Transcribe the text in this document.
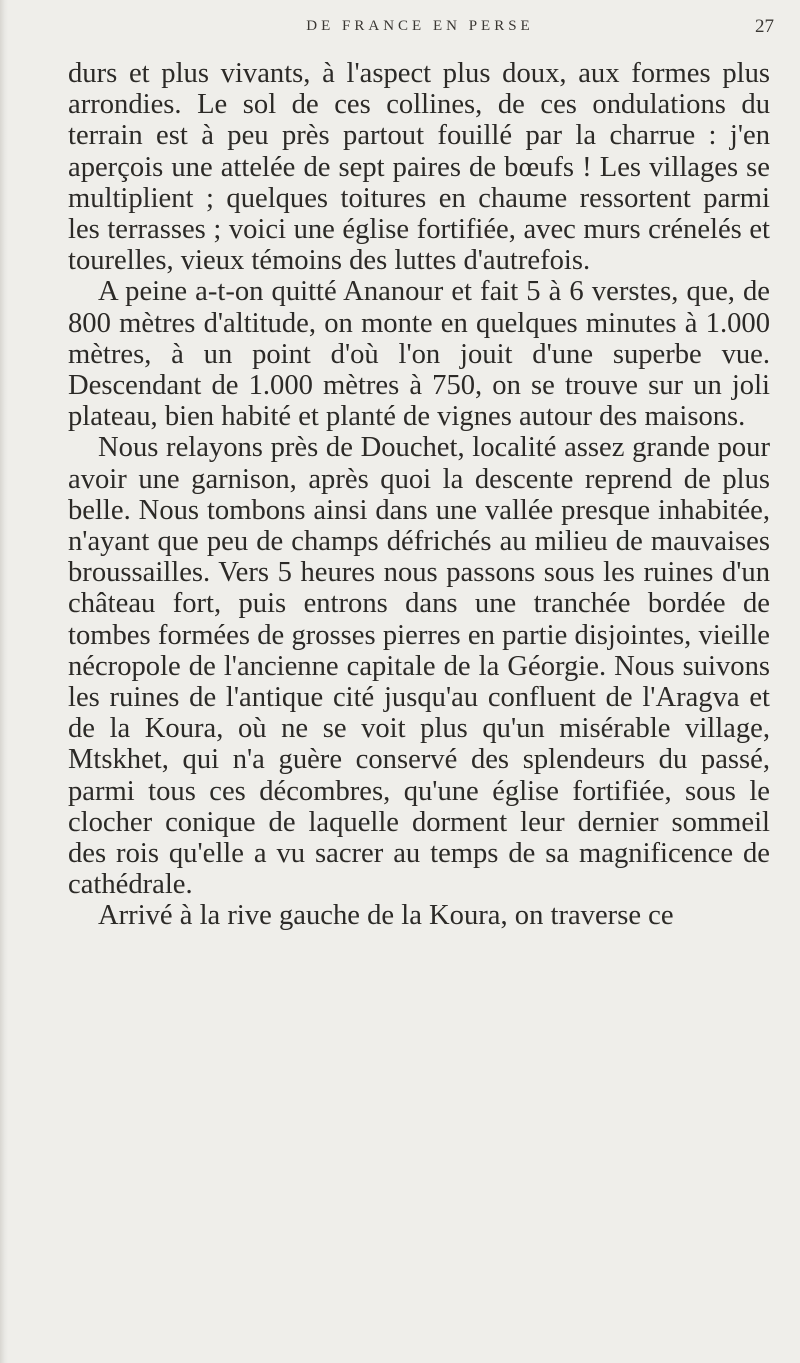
DE FRANCE EN PERSE	27

durs et plus vivants, à l'aspect plus doux, aux formes plus arrondies. Le sol de ces collines, de ces ondulations du terrain est à peu près partout fouillé par la charrue : j'en aperçois une attelée de sept paires de bœufs ! Les villages se multiplient ; quelques toitures en chaume ressortent parmi les terrasses ; voici une église fortifiée, avec murs crénelés et tourelles, vieux témoins des luttes d'autrefois.

A peine a-t-on quitté Ananour et fait 5 à 6 verstes, que, de 800 mètres d'altitude, on monte en quelques minutes à 1.000 mètres, à un point d'où l'on jouit d'une superbe vue. Descendant de 1.000 mètres à 750, on se trouve sur un joli plateau, bien habité et planté de vignes autour des maisons.

Nous relayons près de Douchet, localité assez grande pour avoir une garnison, après quoi la descente reprend de plus belle. Nous tombons ainsi dans une vallée presque inhabitée, n'ayant que peu de champs défrichés au milieu de mauvaises broussailles. Vers 5 heures nous passons sous les ruines d'un château fort, puis entrons dans une tranchée bordée de tombes formées de grosses pierres en partie disjointes, vieille nécropole de l'ancienne capitale de la Géorgie. Nous suivons les ruines de l'antique cité jusqu'au confluent de l'Aragva et de la Koura, où ne se voit plus qu'un misérable village, Mtskhet, qui n'a guère conservé des splendeurs du passé, parmi tous ces décombres, qu'une église fortifiée, sous le clocher conique de laquelle dorment leur dernier sommeil des rois qu'elle a vu sacrer au temps de sa magnificence de cathédrale.

Arrivé à la rive gauche de la Koura, on traverse ce
